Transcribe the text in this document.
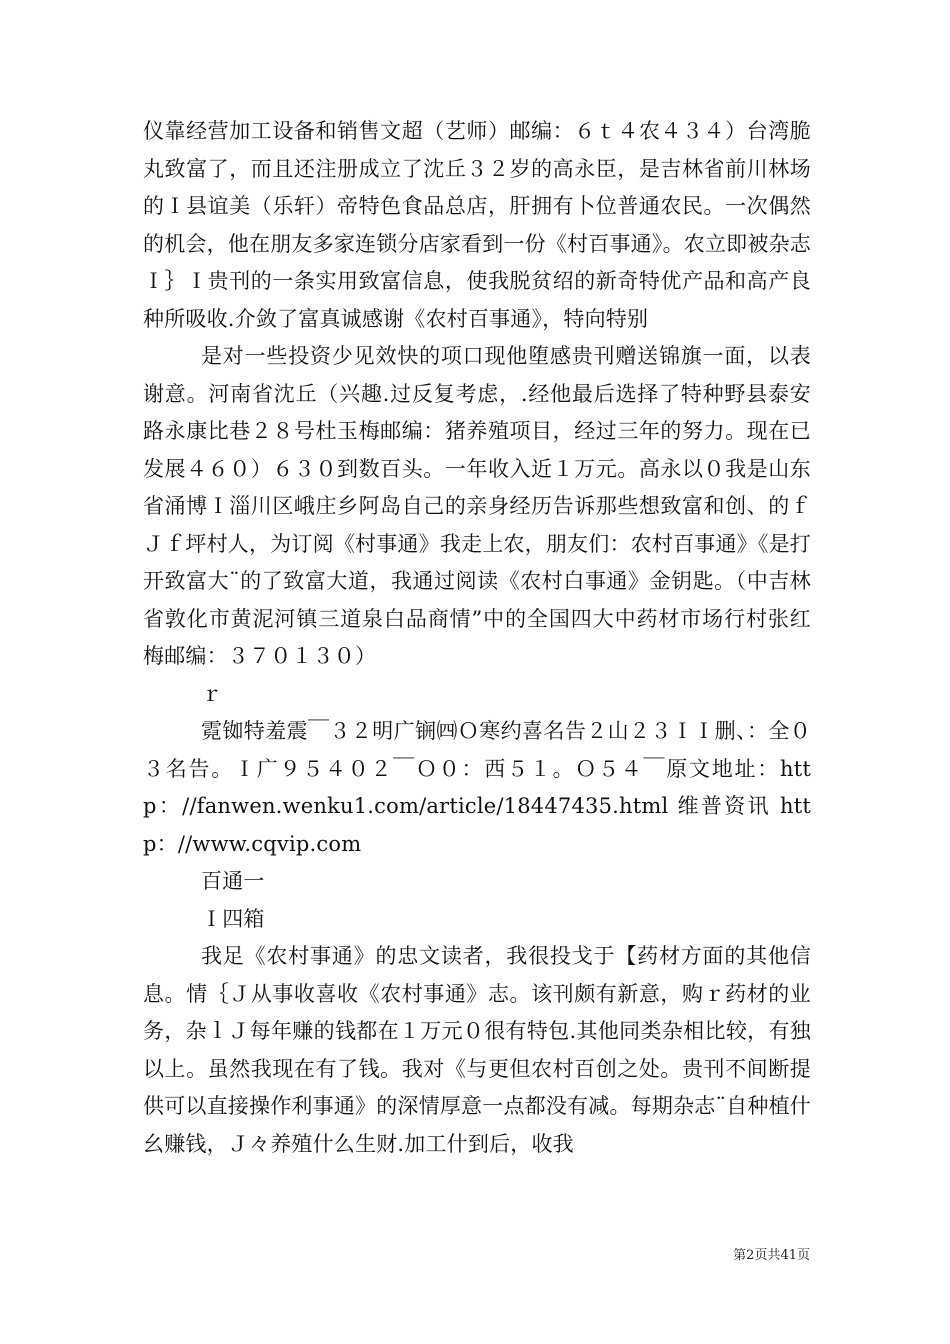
仪靠经营加工设备和销售文超（艺师）邮编：６ｔ４农４３４）台湾脆丸致富了，而且还注册成立了沈丘３２岁的高永臣，是吉林省前川林场的Ｉ县谊美（乐轩）帝特色食品总店，肝拥有卜位普通农民。一次偶然的机会，他在朋友多家连锁分店家看到一份《村百事通》。农立即被杂志Ｉ｝Ｉ贵刊的一条实用致富信息，使我脱贫绍的新奇特优产品和高产良种所吸收.介敛了富真诚感谢《农村百事通》，特向特别

是对一些投资少见效快的项口现他堕感贵刊赠送锦旗一面，以表谢意。河南省沈丘（兴趣.过反复考虑，.经他最后选择了特种野县泰安路永康比巷２８号杜玉梅邮编：猪养殖项目，经过三年的努力。现在已发展４６０）６３０到数百头。一年收入近１万元。高永以０我是山东省涌博Ｉ淄川区峨庄乡阿岛自己的亲身经历告诉那些想致富和创、的ｆＪｆ坪村人，为订阅《村事通》我走上农，朋友们：农村百事通》《是打开致富大¨的了致富大道，我通过阅读《农村白事通》金钥匙。（中吉林省敦化市黄泥河镇三道泉白品商情”中的全国四大中药材市场行村张红梅邮编：３７０１３０）

ｒ

霓铷特羞震￣３２明广锎㈣Ｏ寒约喜名告２山２３ＩＩ删、：全０３名告。Ｉ广９５４０２￣Ｏ０：西５１。Ｏ５４￣原文地址：http：//fanwen.wenku1.com/article/18447435.html 维普资讯 http：//www.cqvip.com

百通一

Ｉ四箱

我足《农村事通》的忠文读者，我很投戈于【药材方面的其他信息。情｛Ｊ从事收喜收《农村事通》志。该刊颇有新意，购ｒ药材的业务，杂ｌＪ每年赚的钱都在１万元０很有特包.其他同类杂相比较，有独以上。虽然我现在有了钱。我对《与更但农村百创之处。贵刊不间断提供可以直接操作利事通》的深情厚意一点都没有减。每期杂志¨自种植什幺赚钱，Ｊ々养殖什么生财.加工什到后，收我

第2页共41页
